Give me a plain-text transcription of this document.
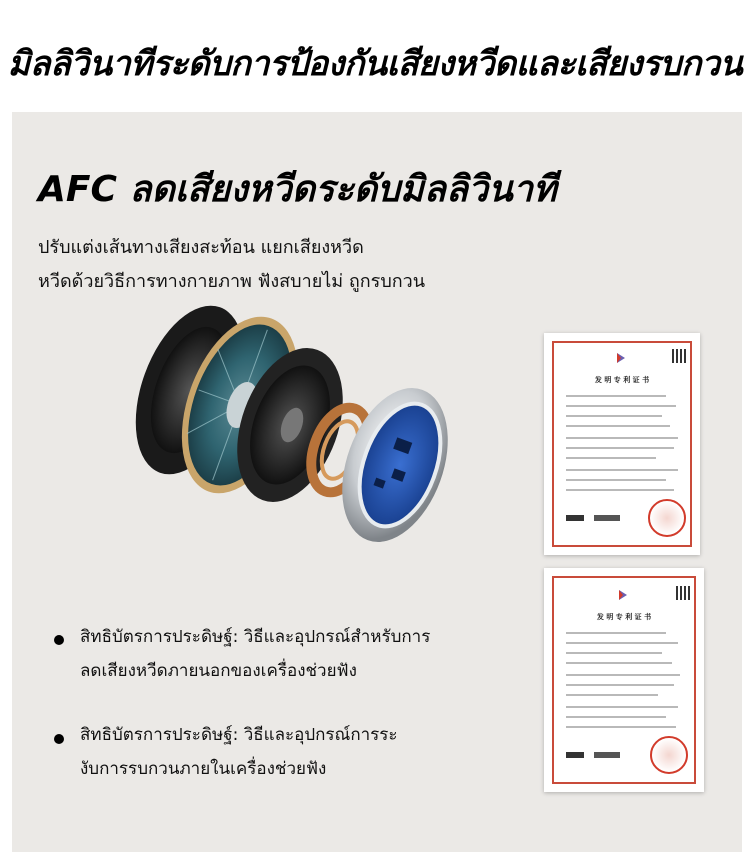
มิลลิวินาทีระดับการป้องกันเสียงหวีดและเสียงรบกวน
AFC ลดเสียงหวีดระดับมิลลิวินาที
ปรับแต่งเส้นทางเสียงสะท้อน แยกเสียงหวีด
หวีดด้วยวิธีการทางกายภาพ ฟังสบายไม่ ถูกรบกวน
发 明 专 利 证 书
发 明 专 利 证 书
สิทธิบัตรการประดิษฐ์: วิธีและอุปกรณ์สำหรับการ
ลดเสียงหวีดภายนอกของเครื่องช่วยฟัง
สิทธิบัตรการประดิษฐ์: วิธีและอุปกรณ์การระ
งับการรบกวนภายในเครื่องช่วยฟัง
